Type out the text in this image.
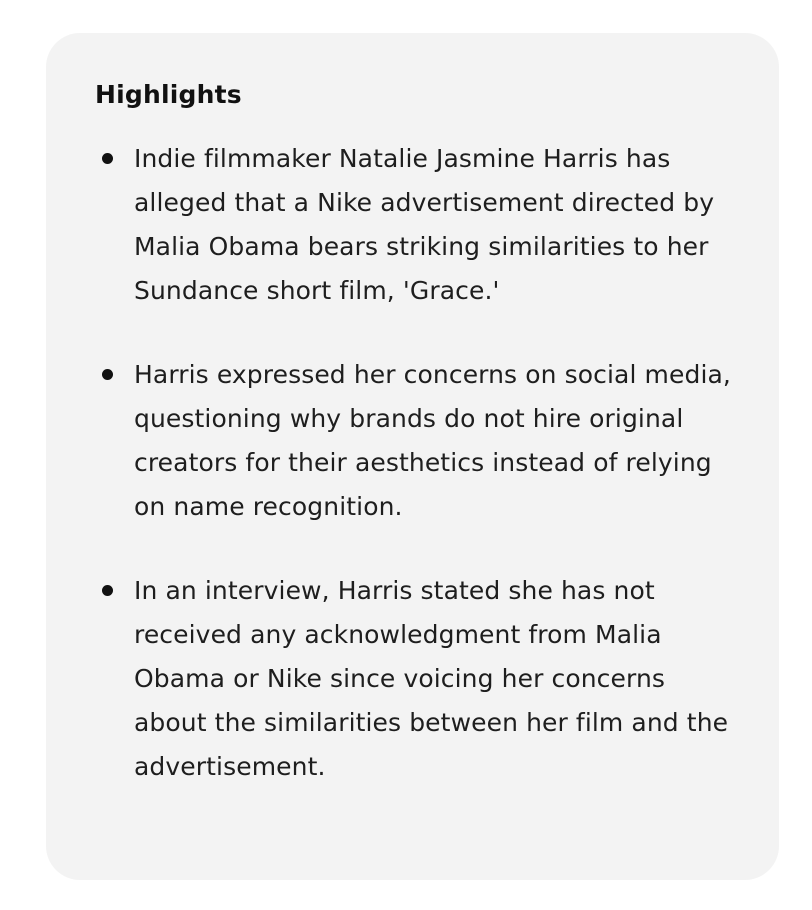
Highlights
Indie filmmaker Natalie Jasmine Harris has alleged that a Nike advertisement directed by Malia Obama bears striking similarities to her Sundance short film, 'Grace.'
Harris expressed her concerns on social media, questioning why brands do not hire original creators for their aesthetics instead of relying on name recognition.
In an interview, Harris stated she has not received any acknowledgment from Malia Obama or Nike since voicing her concerns about the similarities between her film and the advertisement.
